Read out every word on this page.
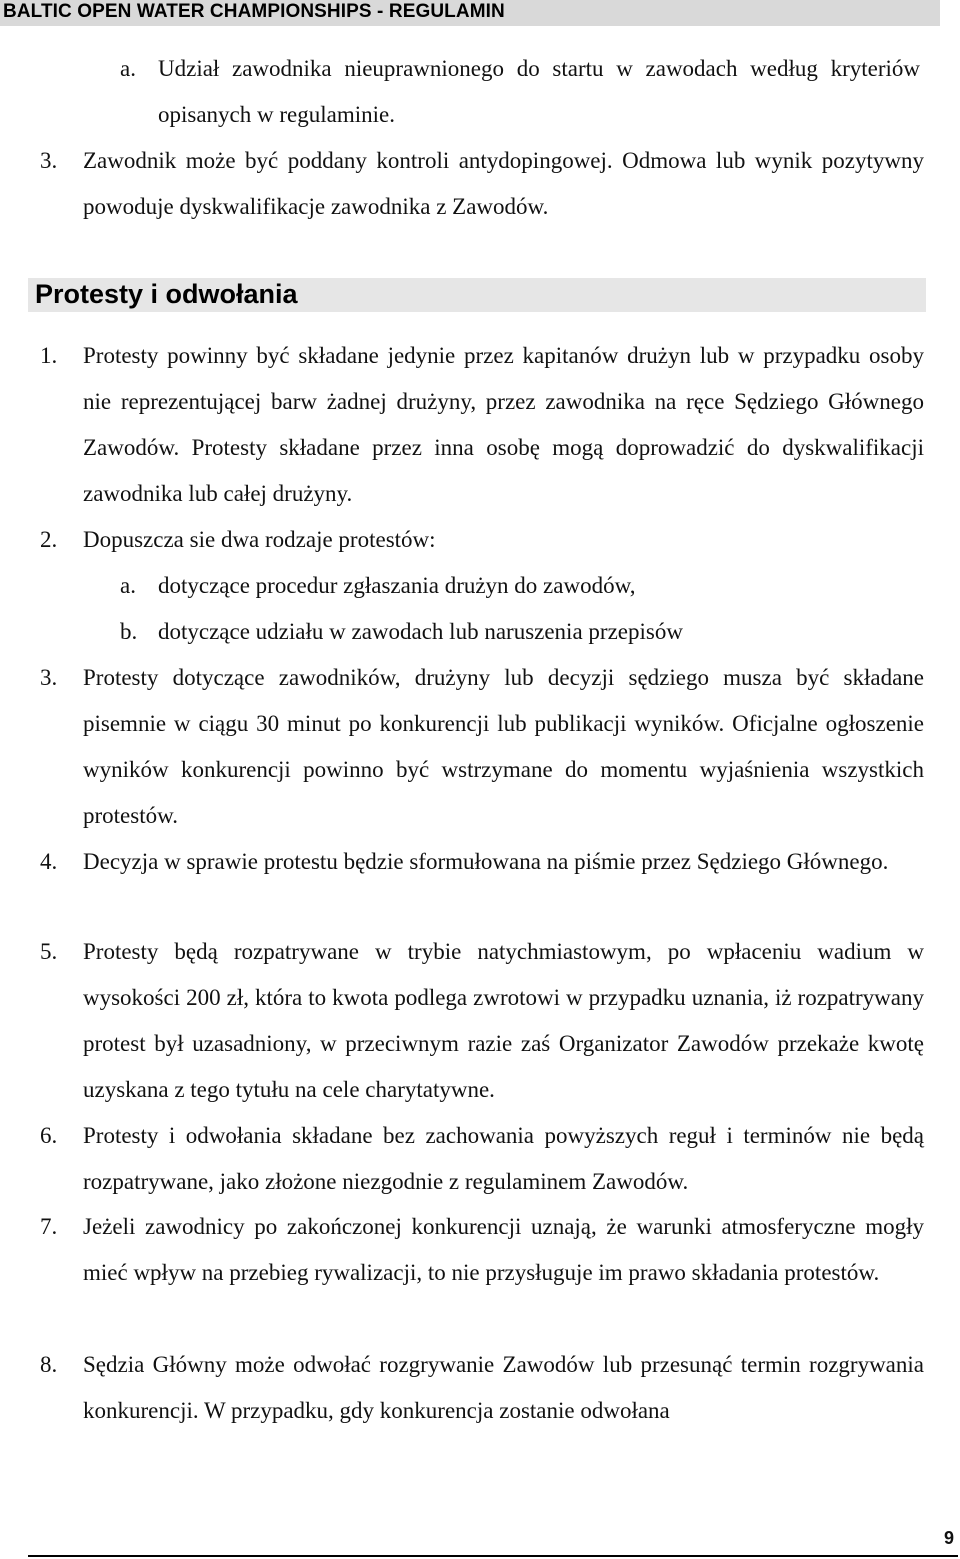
BALTIC OPEN WATER CHAMPIONSHIPS - REGULAMIN
a. Udział zawodnika nieuprawnionego do startu w zawodach według kryteriów opisanych w regulaminie.
3. Zawodnik może być poddany kontroli antydopingowej. Odmowa lub wynik pozytywny powoduje dyskwalifikacje zawodnika z Zawodów.
Protesty i odwołania
1. Protesty powinny być składane jedynie przez kapitanów drużyn lub w przypadku osoby nie reprezentującej barw żadnej drużyny, przez zawodnika na ręce Sędziego Głównego Zawodów. Protesty składane przez inna osobę mogą doprowadzić do dyskwalifikacji zawodnika lub całej drużyny.
2. Dopuszcza sie dwa rodzaje protestów:
a. dotyczące procedur zgłaszania drużyn do zawodów,
b. dotyczące udziału w zawodach lub naruszenia przepisów
3. Protesty dotyczące zawodników, drużyny lub decyzji sędziego musza być składane pisemnie w ciągu 30 minut po konkurencji lub publikacji wyników. Oficjalne ogłoszenie wyników konkurencji powinno być wstrzymane do momentu wyjaśnienia wszystkich protestów.
4. Decyzja w sprawie protestu będzie sformułowana na piśmie przez Sędziego Głównego.
5. Protesty będą rozpatrywane w trybie natychmiastowym, po wpłaceniu wadium w wysokości 200 zł, która to kwota podlega zwrotowi w przypadku uznania, iż rozpatrywany protest był uzasadniony, w przeciwnym razie zaś Organizator Zawodów przekaże kwotę uzyskana z tego tytułu na cele charytatywne.
6. Protesty i odwołania składane bez zachowania powyższych reguł i terminów nie będą rozpatrywane, jako złożone niezgodnie z regulaminem Zawodów.
7. Jeżeli zawodnicy po zakończonej konkurencji uznają, że warunki atmosferyczne mogły mieć wpływ na przebieg rywalizacji, to nie przysługuje im prawo składania protestów.
8. Sędzia Główny może odwołać rozgrywanie Zawodów lub przesunąć termin rozgrywania konkurencji. W przypadku, gdy konkurencja zostanie odwołana
9
